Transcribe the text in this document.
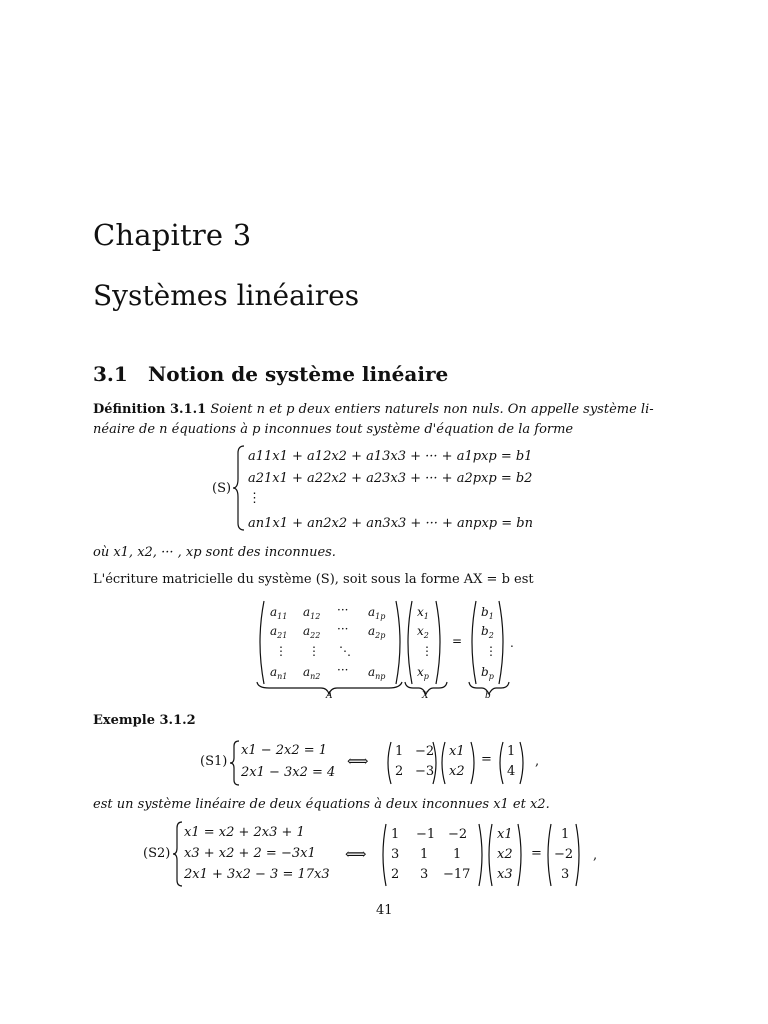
Chapitre 3
Systèmes linéaires
3.1 Notion de système linéaire
Définition 3.1.1 Soient n et p deux entiers naturels non nuls. On appelle système li-néaire de n équations à p inconnues tout système d'équation de la forme
(S)
a11x1 + a12x2 + a13x3 + ··· + a1pxp = b1
a21x1 + a22x2 + a23x3 + ··· + a2pxp = b2
⋮
an1x1 + an2x2 + an3x3 + ··· + anpxp = bn
où x1, x2, ··· , xp sont des inconnues.
L'écriture matricielle du système (S), soit sous la forme AX = b est
$a_{11}$ $a_{12}$ ··· $a_{1p}$
$a_{21}$ $a_{22}$ ··· $a_{2p}$
⋮ ⋮ ⋱
$a_{n1}$ $a_{n2}$ ··· $a_{np}$
$x_1$
$x_2$
⋮
$x_p$
=
$b_1$
$b_2$
⋮
$b_p$
.
A	X	b
Exemple 3.1.2
(S1)
x1 − 2x2 = 1
2x1 − 3x2 = 4
⟺
1 −2
2 −3
x1
x2
=
1
4
,
est un système linéaire de deux équations à deux inconnues x1 et x2.
(S2)
x1 = x2 + 2x3 + 1
x3 + x2 + 2 = −3x1
2x1 + 3x2 − 3 = 17x3
⟺
1 −1 −2
3 1 1
2 3 −17
x1
x2
x3
=
1
−2
3
,
41
